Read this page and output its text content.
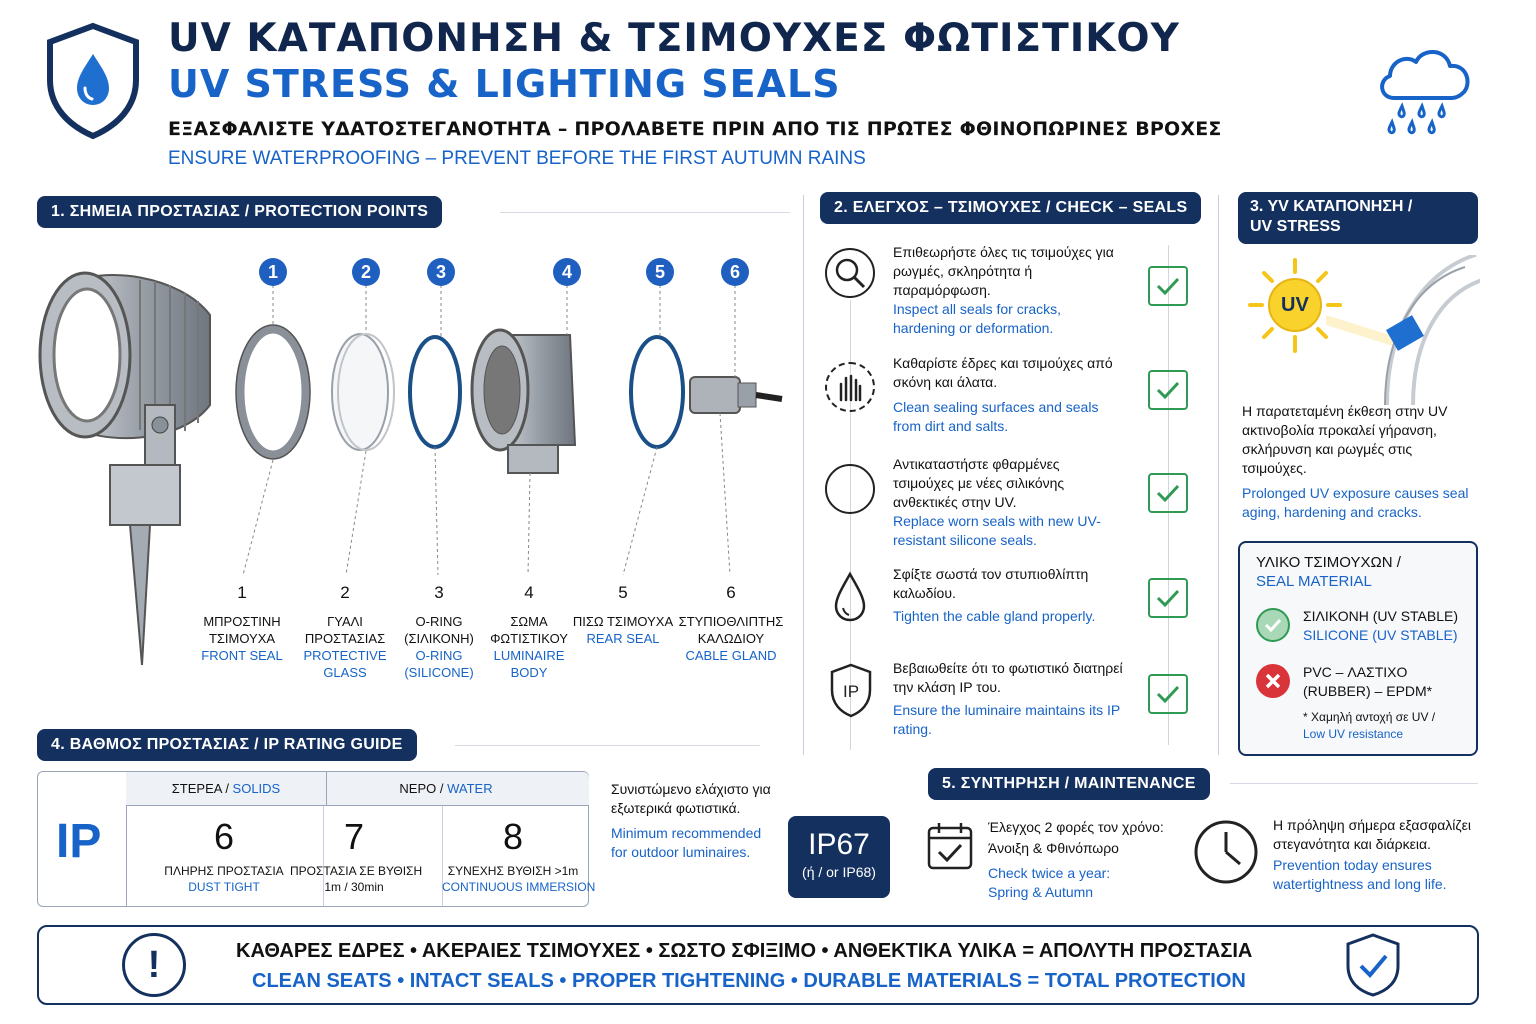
UV ΚΑΤΑΠΟΝΗΣΗ & ΤΣΙΜΟΥΧΕΣ ΦΩΤΙΣΤΙΚΟΥ
UV STRESS & LIGHTING SEALS
ΕΞΑΣΦΑΛΙΣΤΕ ΥΔΑΤΟΣΤΕΓΑΝΟΤΗΤΑ – ΠΡΟΛΑΒΕΤΕ ΠΡΙΝ ΑΠΟ ΤΙΣ ΠΡΩΤΕΣ ΦΘΙΝΟΠΩΡΙΝΕΣ ΒΡΟΧΕΣ
ENSURE WATERPROOFING – PREVENT BEFORE THE FIRST AUTUMN RAINS
1. ΣΗΜΕΙΑ ΠΡΟΣΤΑΣΙΑΣ / PROTECTION POINTS
1	2	3	4	5	6
1
ΜΠΡΟΣΤΙΝΗ ΤΣΙΜΟΥΧΑ
FRONT SEAL
2
ΓΥΑΛΙ ΠΡΟΣΤΑΣΙΑΣ
PROTECTIVE GLASS
3
O-RING (ΣΙΛΙΚΟΝΗ)
O-RING (SILICONE)
4
ΣΩΜΑ ΦΩΤΙΣΤΙΚΟΥ
LUMINAIRE BODY
5
ΠΙΣΩ ΤΣΙΜΟΥΧΑ
REAR SEAL
6
ΣΤΥΠΙΟΘΛΙΠΤΗΣ ΚΑΛΩΔΙΟΥ
CABLE GLAND
2. ΕΛΕΓΧΟΣ – ΤΣΙΜΟΥΧΕΣ / CHECK – SEALS
Επιθεωρήστε όλες τις τσιμούχες για ρωγμές, σκληρότητα ή παραμόρφωση.
Inspect all seals for cracks, hardening or deformation.
Καθαρίστε έδρες και τσιμούχες από σκόνη και άλατα.
Clean sealing surfaces and seals from dirt and salts.
Αντικαταστήστε φθαρμένες τσιμούχες με νέες σιλικόνης ανθεκτικές στην UV.
Replace worn seals with new UV-resistant silicone seals.
Σφίξτε σωστά τον στυπιοθλίπτη καλωδίου.
Tighten the cable gland properly.
IP
Βεβαιωθείτε ότι το φωτιστικό διατηρεί την κλάση IP του.
Ensure the luminaire maintains its IP rating.
3. ΥV ΚΑΤΑΠΟΝΗΣΗ /
UV STRESS
UV
Η παρατεταμένη έκθεση στην UV ακτινοβολία προκαλεί γήρανση, σκλήρυνση και ρωγμές στις τσιμούχες.
Prolonged UV exposure causes seal aging, hardening and cracks.
ΥΛΙΚΟ ΤΣΙΜΟΥΧΩΝ /
SEAL MATERIAL
ΣΙΛΙΚΟΝΗ (UV STABLE)
SILICONE (UV STABLE)
PVC – ΛΑΣΤΙΧΟ
(RUBBER) – EPDM*
* Χαμηλή αντοχή σε UV /
Low UV resistance
4. ΒΑΘΜΟΣ ΠΡΟΣΤΑΣΙΑΣ / IP RATING GUIDE
IP
ΣΤΕΡΕΑ / SOLIDS	ΝΕΡΟ / WATER
6
ΠΛΗΡΗΣ ΠΡΟΣΤΑΣΙΑ
DUST TIGHT
7
ΠΡΟΣΤΑΣΙΑ ΣΕ ΒΥΘΙΣΗ
1m / 30min
8
ΣΥΝΕΧΗΣ ΒΥΘΙΣΗ >1m
CONTINUOUS IMMERSION
Συνιστώμενο ελάχιστο για εξωτερικά φωτιστικά.
Minimum recommended for outdoor luminaires.	IP67
(ή / or IP68)
5. ΣΥΝΤΗΡΗΣΗ / MAINTENANCE
Έλεγχος 2 φορές τον χρόνο:
Άνοιξη & Φθινόπωρο
Check twice a year:
Spring & Autumn
Η πρόληψη σήμερα εξασφαλίζει στεγανότητα και διάρκεια.
Prevention today ensures watertightness and long life.
!	ΚΑΘΑΡΕΣ ΕΔΡΕΣ • ΑΚΕΡΑΙΕΣ ΤΣΙΜΟΥΧΕΣ • ΣΩΣΤΟ ΣΦΙΞΙΜΟ • ΑΝΘΕΚΤΙΚΑ ΥΛΙΚΑ = ΑΠΟΛΥΤΗ ΠΡΟΣΤΑΣΙΑ
CLEAN SEATS • INTACT SEALS • PROPER TIGHTENING • DURABLE MATERIALS = TOTAL PROTECTION
